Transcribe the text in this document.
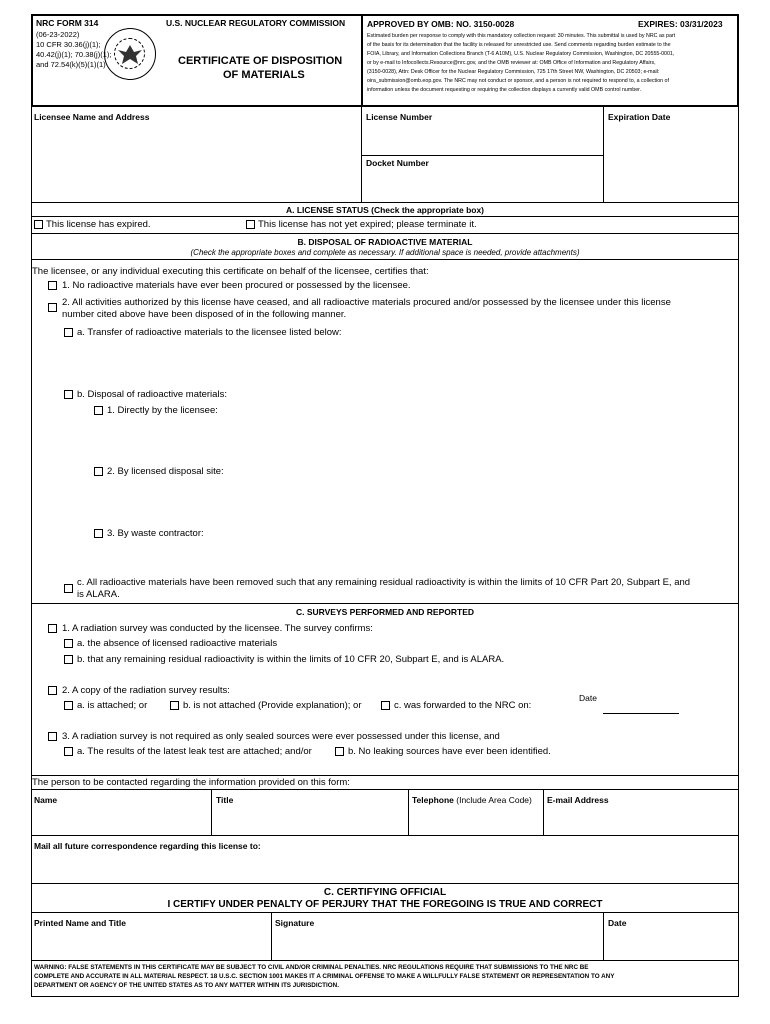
NRC FORM 314
(06-23-2022)
10 CFR 30.36(j)(1);
40.42(j)(1); 70.38(j)(1);
and 72.54(k)(5)(1)(1)
U.S. NUCLEAR REGULATORY COMMISSION
CERTIFICATE OF DISPOSITION
OF MATERIALS
APPROVED BY OMB: NO. 3150-0028	EXPIRES: 03/31/2023
Estimated burden per response to comply with this mandatory collection request: 30 minutes. This submittal is used by NRC as part
of the basis for its determination that the facility is released for unrestricted use. Send comments regarding burden estimate to the
FOIA, Library, and Information Collections Branch (T-6 A10M), U.S. Nuclear Regulatory Commission, Washington, DC 20555-0001,
or by e-mail to Infocollects.Resource@nrc.gov, and the OMB reviewer at: OMB Office of Information and Regulatory Affairs,
(3150-0028), Attn: Desk Officer for the Nuclear Regulatory Commission, 725 17th Street NW, Washington, DC 20503; e-mail:
oira_submission@omb.eop.gov. The NRC may not conduct or sponsor, and a person is not required to respond to, a collection of
information unless the document requesting or requiring the collection displays a currently valid OMB control number.
Licensee Name and Address	License Number	Expiration Date
Docket Number
A. LICENSE STATUS (Check the appropriate box)
This license has expired.	This license has not yet expired; please terminate it.
B. DISPOSAL OF RADIOACTIVE MATERIAL
(Check the appropriate boxes and complete as necessary. If additional space is needed, provide attachments)
The licensee, or any individual executing this certificate on behalf of the licensee, certifies that:
1. No radioactive materials have ever been procured or possessed by the licensee.
2. All activities authorized by this license have ceased, and all radioactive materials procured and/or possessed by the licensee under this license
number cited above have been disposed of in the following manner.
a. Transfer of radioactive materials to the licensee listed below:
b. Disposal of radioactive materials:
1. Directly by the licensee:
2. By licensed disposal site:
3. By waste contractor:
c. All radioactive materials have been removed such that any remaining residual radioactivity is within the limits of 10 CFR Part 20, Subpart E, and
is ALARA.
C. SURVEYS PERFORMED AND REPORTED
1. A radiation survey was conducted by the licensee. The survey confirms:
a. the absence of licensed radioactive materials
b. that any remaining residual radioactivity is within the limits of 10 CFR 20, Subpart E, and is ALARA.
2. A copy of the radiation survey results:
Date
a. is attached; or	b. is not attached (Provide explanation); or	c. was forwarded to the NRC on:
3. A radiation survey is not required as only sealed sources were ever possessed under this license, and
a. The results of the latest leak test are attached; and/or	b. No leaking sources have ever been identified.
The person to be contacted regarding the information provided on this form:
Name	Title	Telephone (Include Area Code) E-mail Address
Mail all future correspondence regarding this license to:
C. CERTIFYING OFFICIAL
I CERTIFY UNDER PENALTY OF PERJURY THAT THE FOREGOING IS TRUE AND CORRECT
Printed Name and Title	Signature	Date
WARNING: FALSE STATEMENTS IN THIS CERTIFICATE MAY BE SUBJECT TO CIVIL AND/OR CRIMINAL PENALTIES. NRC REGULATIONS REQUIRE THAT SUBMISSIONS TO THE NRC BE
COMPLETE AND ACCURATE IN ALL MATERIAL RESPECT. 18 U.S.C. SECTION 1001 MAKES IT A CRIMINAL OFFENSE TO MAKE A WILLFULLY FALSE STATEMENT OR REPRESENTATION TO ANY
DEPARTMENT OR AGENCY OF THE UNITED STATES AS TO ANY MATTER WITHIN ITS JURISDICTION.
